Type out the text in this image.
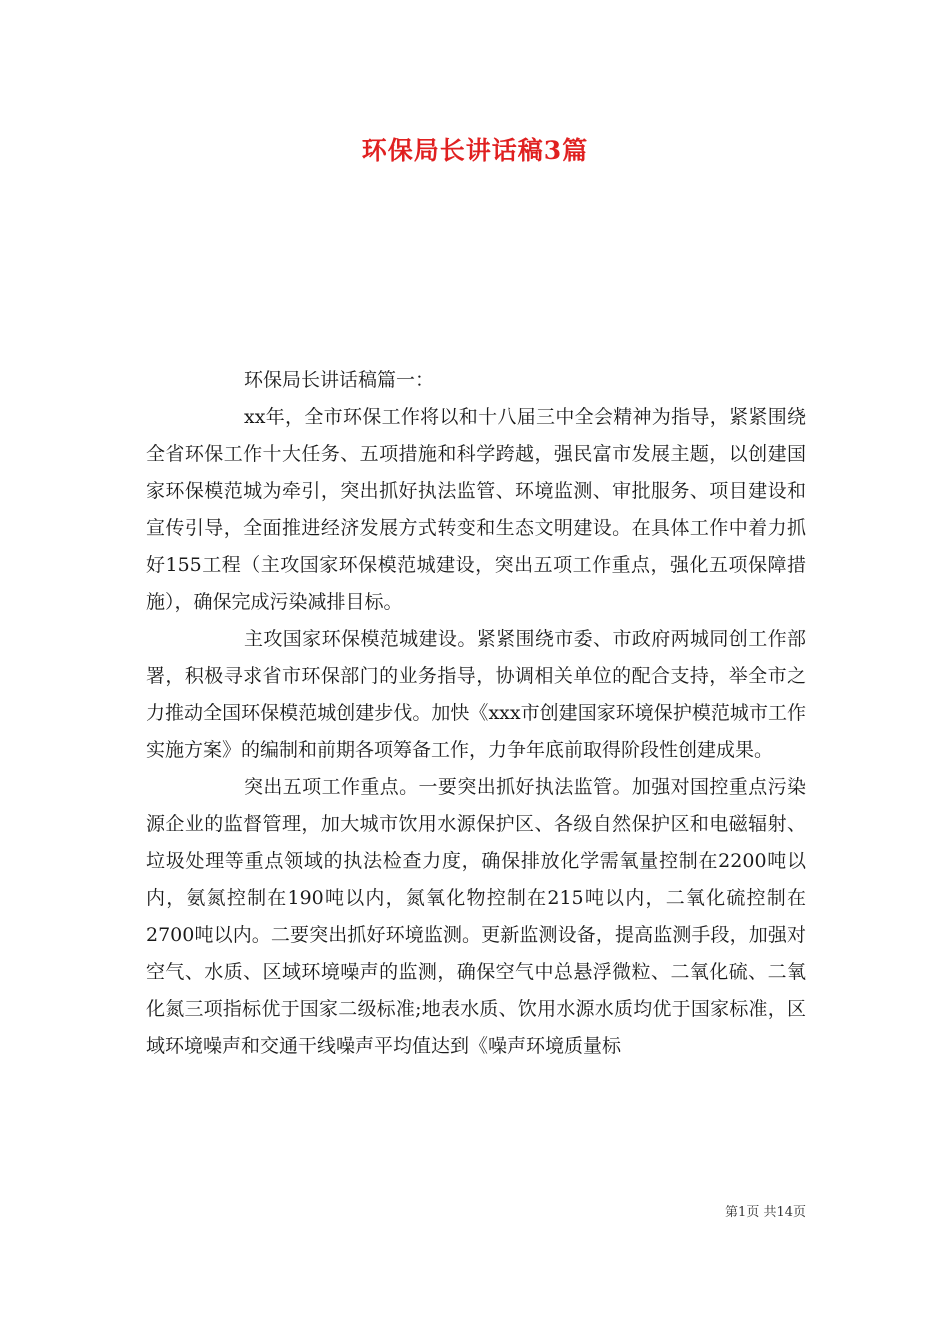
环保局长讲话稿3篇

环保局长讲话稿篇一：

xx年，全市环保工作将以和十八届三中全会精神为指导，紧紧围绕全省环保工作十大任务、五项措施和科学跨越，强民富市发展主题，以创建国家环保模范城为牵引，突出抓好执法监管、环境监测、审批服务、项目建设和宣传引导，全面推进经济发展方式转变和生态文明建设。在具体工作中着力抓好155工程（主攻国家环保模范城建设，突出五项工作重点，强化五项保障措施），确保完成污染减排目标。

主攻国家环保模范城建设。紧紧围绕市委、市政府两城同创工作部署，积极寻求省市环保部门的业务指导，协调相关单位的配合支持，举全市之力推动全国环保模范城创建步伐。加快《xxx市创建国家环境保护模范城市工作实施方案》的编制和前期各项筹备工作，力争年底前取得阶段性创建成果。

突出五项工作重点。一要突出抓好执法监管。加强对国控重点污染源企业的监督管理，加大城市饮用水源保护区、各级自然保护区和电磁辐射、垃圾处理等重点领域的执法检查力度，确保排放化学需氧量控制在2200吨以内，氨氮控制在190吨以内，氮氧化物控制在215吨以内，二氧化硫控制在2700吨以内。二要突出抓好环境监测。更新监测设备，提高监测手段，加强对空气、水质、区域环境噪声的监测，确保空气中总悬浮微粒、二氧化硫、二氧化氮三项指标优于国家二级标准;地表水质、饮用水源水质均优于国家标准，区域环境噪声和交通干线噪声平均值达到《噪声环境质量标

第1页 共14页
